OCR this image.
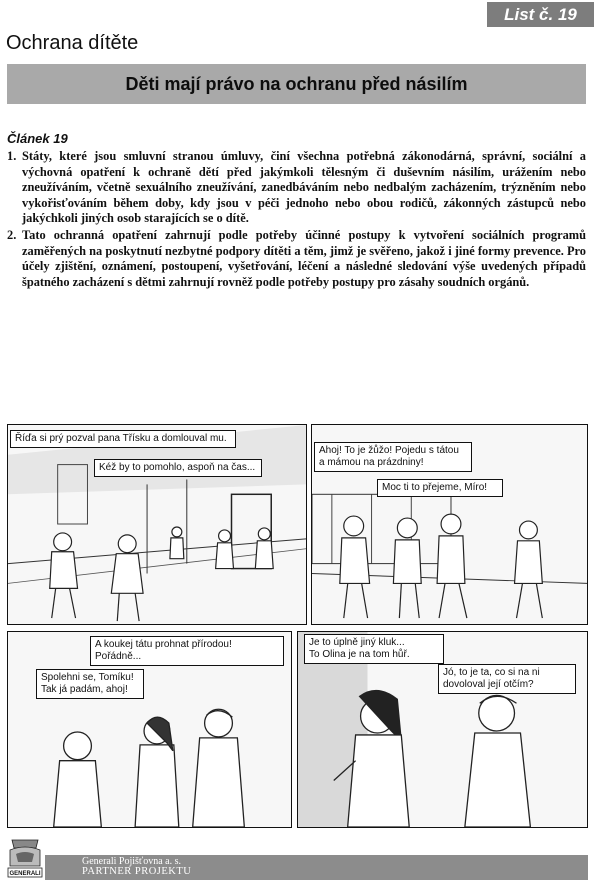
List č. 19
Ochrana dítěte
Děti mají právo na ochranu před násilím
Článek 19

1. Státy, které jsou smluvní stranou úmluvy, činí všechna potřebná zákonodárná, správní, sociální a výchovná opatření k ochraně dětí před jakýmkoli tělesným či duševním násilím, urážením nebo zneužíváním, včetně sexuálního zneužívání, zanedbáváním nebo nedbalým zacházením, trýzněním nebo vykořisťováním během doby, kdy jsou v péči jednoho nebo obou rodičů, zákonných zástupců nebo jakýchkoli jiných osob starajících se o dítě.

2. Tato ochranná opatření zahrnují podle potřeby účinné postupy k vytvoření sociálních programů zaměřených na poskytnutí nezbytné podpory dítěti a těm, jimž je svěřeno, jakož i jiné formy prevence. Pro účely zjištění, oznámení, postoupení, vyšetřování, léčení a následné sledování výše uvedených případů špatného zacházení s dětmi zahrnují rovněž podle potřeby postupy pro zásahy soudních orgánů.

Říďa si prý pozval pana Třísku a domlouval mu.
Kéž by to pomohlo, aspoň na čas...
Ahoj! To je žůžo! Pojedu s tátou
a mámou na prázdniny!
Moc ti to přejeme, Míro!
A koukej tátu prohnat přírodou! Pořádně...
Spolehni se, Tomíku!
Tak já padám, ahoj!
Je to úplně jiný kluk...
To Olina je na tom hůř.
Jó, to je ta, co si na ni
dovoloval její otčím?
GENERALI
Generali Pojišťovna a. s.
PARTNER PROJEKTU
